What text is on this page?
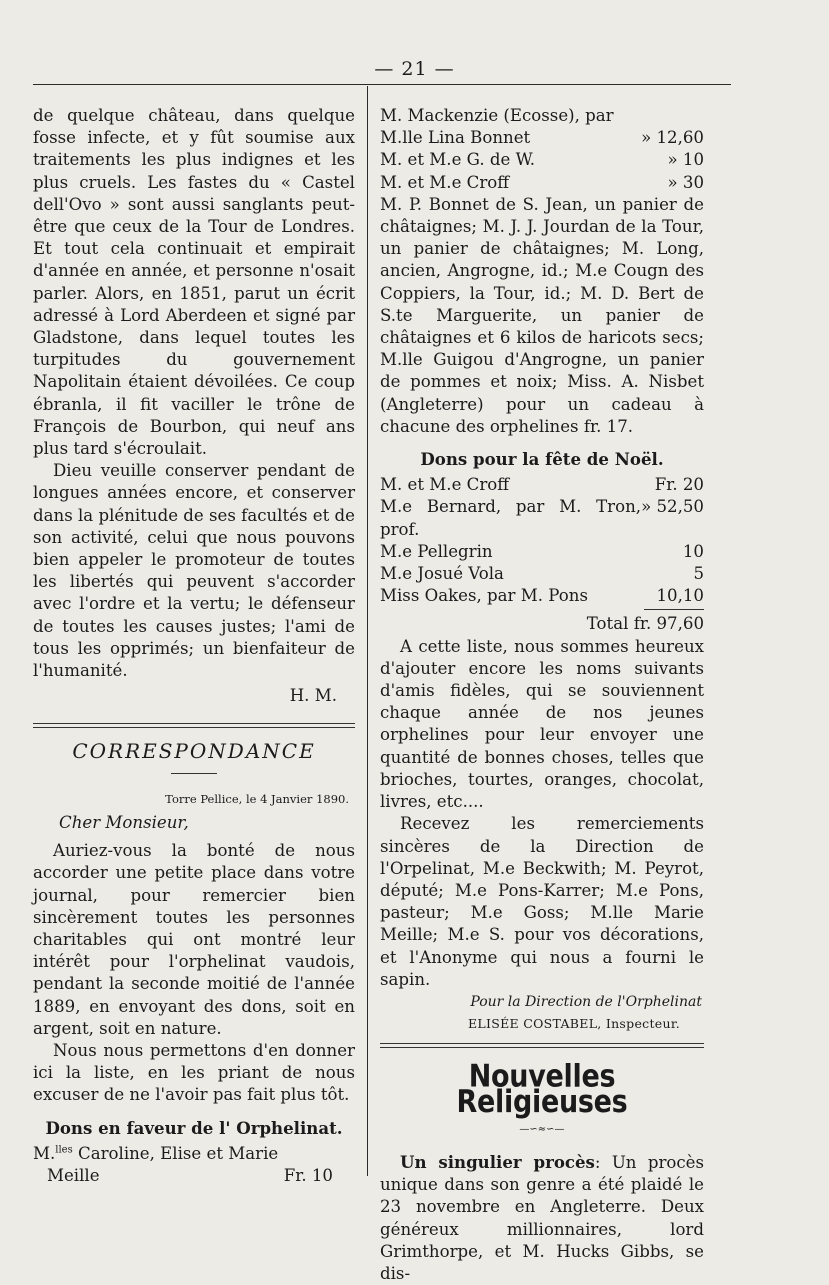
— 21 —

de quelque château, dans quelque fosse infecte, et y fût soumise aux traitements les plus indignes et les plus cruels. Les fastes du « Castel dell'Ovo » sont aussi sanglants peut-être que ceux de la Tour de Londres. Et tout cela continuait et empirait d'année en année, et personne n'osait parler. Alors, en 1851, parut un écrit adressé à Lord Aberdeen et signé par Gladstone, dans lequel toutes les turpitudes du gouvernement Napolitain étaient dévoilées. Ce coup ébranla, il fit vaciller le trône de François de Bourbon, qui neuf ans plus tard s'écroulait.

Dieu veuille conserver pendant de longues années encore, et conserver dans la plénitude de ses facultés et de son activité, celui que nous pouvons bien appeler le promoteur de toutes les libertés qui peuvent s'accorder avec l'ordre et la vertu; le défenseur de toutes les causes justes; l'ami de tous les opprimés; un bienfaiteur de l'humanité.

H. M.

CORRESPONDANCE
Torre Pellice, le 4 Janvier 1890.
Cher Monsieur,

Auriez-vous la bonté de nous accorder une petite place dans votre journal, pour remercier bien sincèrement toutes les personnes charitables qui ont montré leur intérêt pour l'orphelinat vaudois, pendant la seconde moitié de l'année 1889, en envoyant des dons, soit en argent, soit en nature.

Nous nous permettons d'en donner ici la liste, en les priant de nous excuser de ne l'avoir pas fait plus tôt.

Dons en faveur de l' Orphelinat.
M.$^{lles}$ Caroline, Elise et Marie
Meille	Fr. 10
M. Mackenzie (Ecosse), par
M.lle Lina Bonnet	» 12,60
M. et M.e G. de W.	» 10
M. et M.e Croff	» 30

M. P. Bonnet de S. Jean, un panier de châtaignes; M. J. J. Jourdan de la Tour, un panier de châtaignes; M. Long, ancien, Angrogne, id.; M.e Cougn des Coppiers, la Tour, id.; M. D. Bert de S.te Marguerite, un panier de châtaignes et 6 kilos de haricots secs; M.lle Guigou d'Angrogne, un panier de pommes et noix; Miss. A. Nisbet (Angleterre) pour un cadeau à chacune des orphelines fr. 17.

Dons pour la fête de Noël.
M. et M.e Croff	Fr. 20
M.e Bernard, par M. Tron, prof.
» 52,50
M.e Pellegrin	10
M.e Josué Vola	5
Miss Oakes, par M. Pons	10,10
Total fr. 97,60

A cette liste, nous sommes heureux d'ajouter encore les noms suivants d'amis fidèles, qui se souviennent chaque année de nos jeunes orphelines pour leur envoyer une quantité de bonnes choses, telles que brioches, tourtes, oranges, chocolat, livres, etc....

Recevez les remerciements sincères de la Direction de l'Orpelinat, M.e Beckwith; M. Peyrot, député; M.e Pons-Karrer; M.e Pons, pasteur; M.e Goss; M.lle Marie Meille; M.e S. pour vos décorations, et l'Anonyme qui nous a fourni le sapin.

Pour la Direction de l'Orphelinat
ELISÉE COSTABEL, Inspecteur.
Nouvelles Religieuses
—∽≈∽—

Un singulier procès: Un procès unique dans son genre a été plaidé le 23 novembre en Angleterre. Deux généreux millionnaires, lord Grimthorpe, et M. Hucks Gibbs, se dis-
